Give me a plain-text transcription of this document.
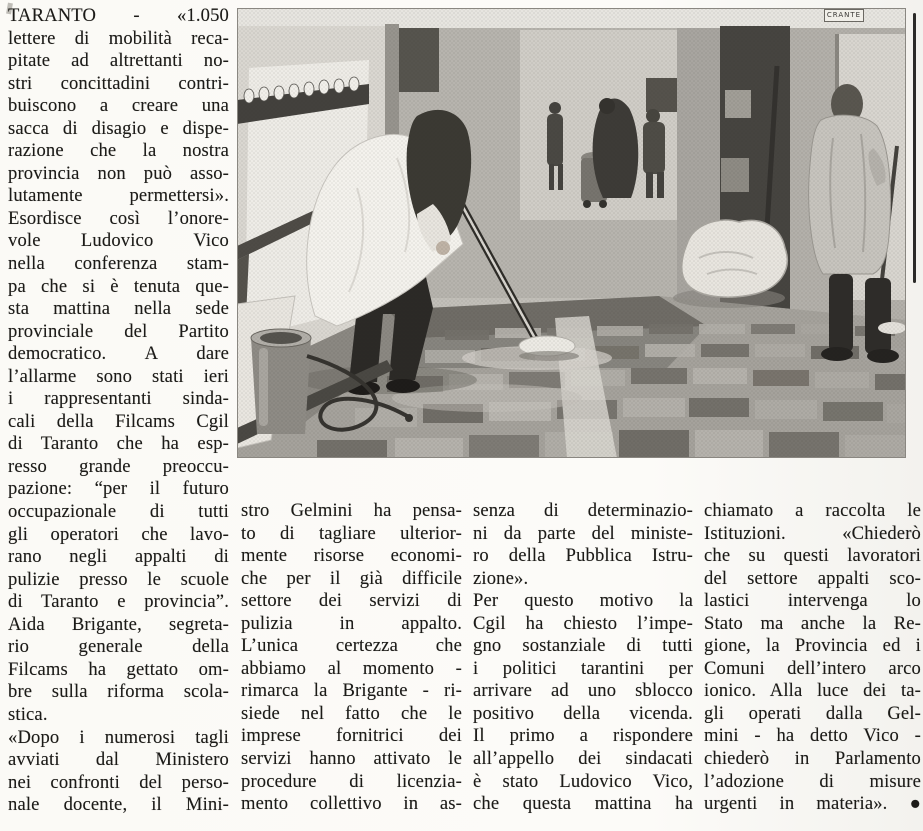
TARANTO - «1.050
lettere di mobilità reca-
pitate ad altrettanti no-
stri concittadini contri-
buiscono a creare una
sacca di disagio e dispe-
razione che la nostra
provincia non può asso-
lutamente permettersi».
Esordisce così l’onore-
vole Ludovico Vico
nella conferenza stam-
pa che si è tenuta que-
sta mattina nella sede
provinciale del Partito
democratico. A dare
l’allarme sono stati ieri
i rappresentanti sinda-
cali della Filcams Cgil
di Taranto che ha esp-
resso grande preoccu-
pazione: “per il futuro
occupazionale di tutti
gli operatori che lavo-
rano negli appalti di
pulizie presso le scuole
di Taranto e provincia”.
Aida Brigante, segreta-
rio generale della
Filcams ha gettato om-
bre sulla riforma scola-
stica.
«Dopo i numerosi tagli
avviati dal Ministero
nei confronti del perso-
nale docente, il Mini-
CRANTE
stro Gelmini ha pensa-
to di tagliare ulterior-
mente risorse economi-
che per il già difficile
settore dei servizi di
pulizia in appalto.
L’unica certezza che
abbiamo al momento -
rimarca la Brigante - ri-
siede nel fatto che le
imprese fornitrici dei
servizi hanno attivato le
procedure di licenzia-
mento collettivo in as-
senza di determinazio-
ni da parte del ministe-
ro della Pubblica Istru-
zione».
Per questo motivo la
Cgil ha chiesto l’impe-
gno sostanziale di tutti
i politici tarantini per
arrivare ad uno sblocco
positivo della vicenda.
Il primo a rispondere
all’appello dei sindacati
è stato Ludovico Vico,
che questa mattina ha
chiamato a raccolta le
Istituzioni. «Chiederò
che su questi lavoratori
del settore appalti sco-
lastici intervenga lo
Stato ma anche la Re-
gione, la Provincia ed i
Comuni dell’intero arco
ionico. Alla luce dei ta-
gli operati dalla Gel-
mini - ha detto Vico -
chiederò in Parlamento
l’adozione di misure
urgenti in materia». ●
